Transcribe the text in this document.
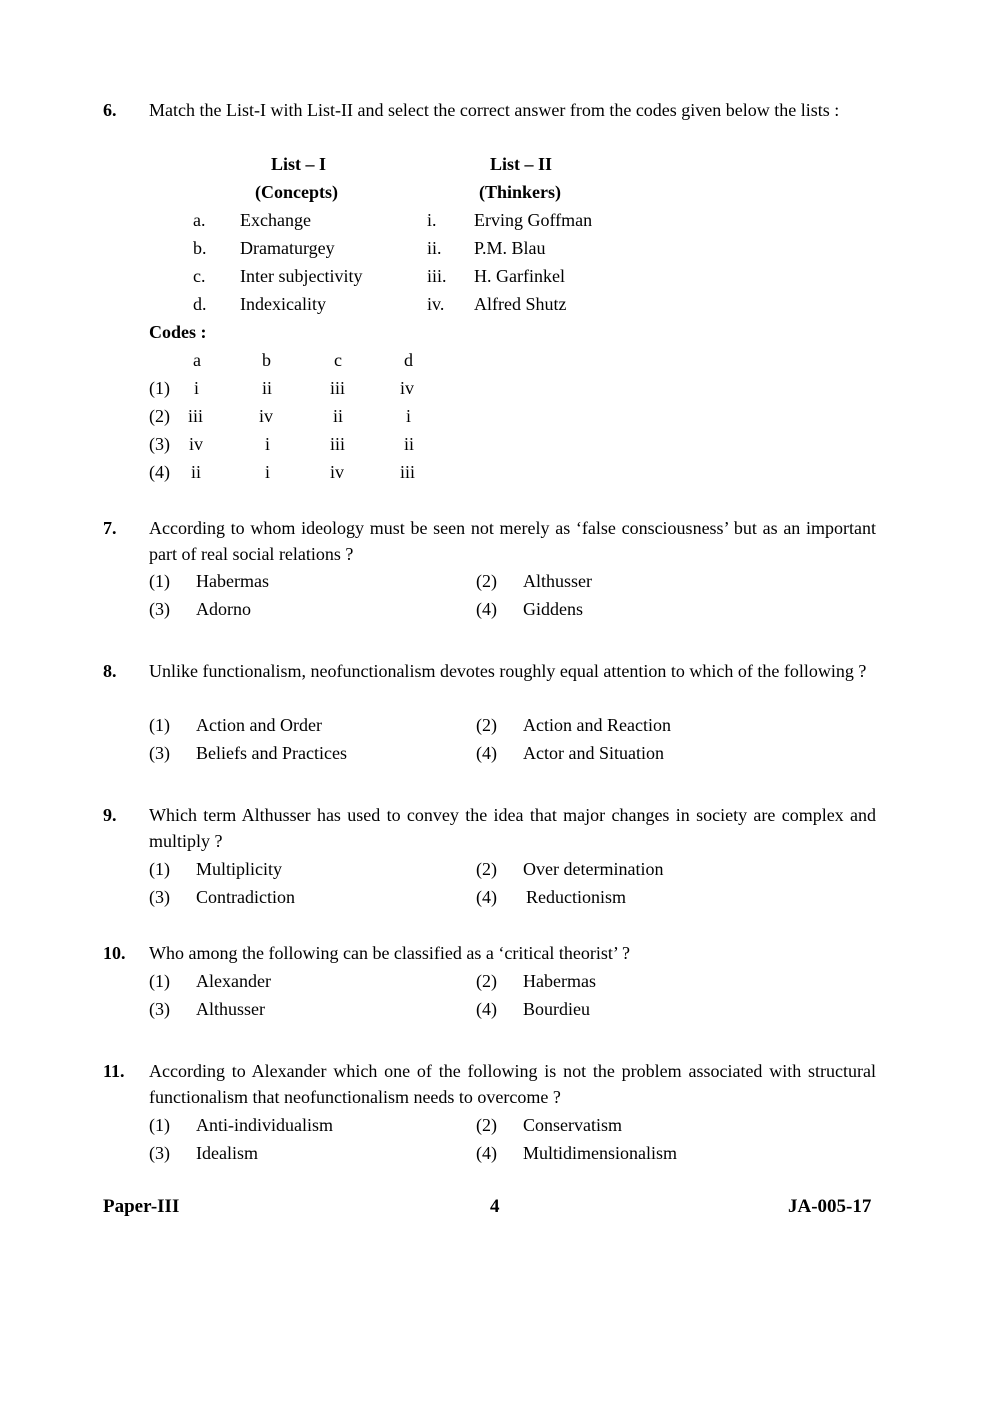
6. Match the List-I with List-II and select the correct answer from the codes given below the lists :
List – I
(Concepts)
List – II
(Thinkers)
a. Exchange	i. Erving Goffman
b. Dramaturgey	ii. P.M. Blau
c. Inter subjectivity	iii. H. Garfinkel
d. Indexicality	iv. Alfred Shutz
Codes :
a	b	c	d
(1) i	ii	iii	iv
(2) iii	iv	ii	i
(3) iv	i	iii	ii
(4) ii	i	iv	iii
7. According to whom ideology must be seen not merely as ‘false consciousness’ but as an important part of real social relations ?
(1) Habermas	(2) Althusser
(3) Adorno	(4) Giddens
8. Unlike functionalism, neofunctionalism devotes roughly equal attention to which of the following ?
(1) Action and Order	(2) Action and Reaction
(3) Beliefs and Practices	(4) Actor and Situation
9. Which term Althusser has used to convey the idea that major changes in society are complex and multiply ?
(1) Multiplicity	(2) Over determination
(3) Contradiction	(4) Reductionism
10. Who among the following can be classified as a ‘critical theorist’ ?
(1) Alexander	(2) Habermas
(3) Althusser	(4) Bourdieu
11. According to Alexander which one of the following is not the problem associated with structural functionalism that neofunctionalism needs to overcome ?
(1) Anti-individualism	(2) Conservatism
(3) Idealism	(4) Multidimensionalism
Paper-III	4	JA-005-17
